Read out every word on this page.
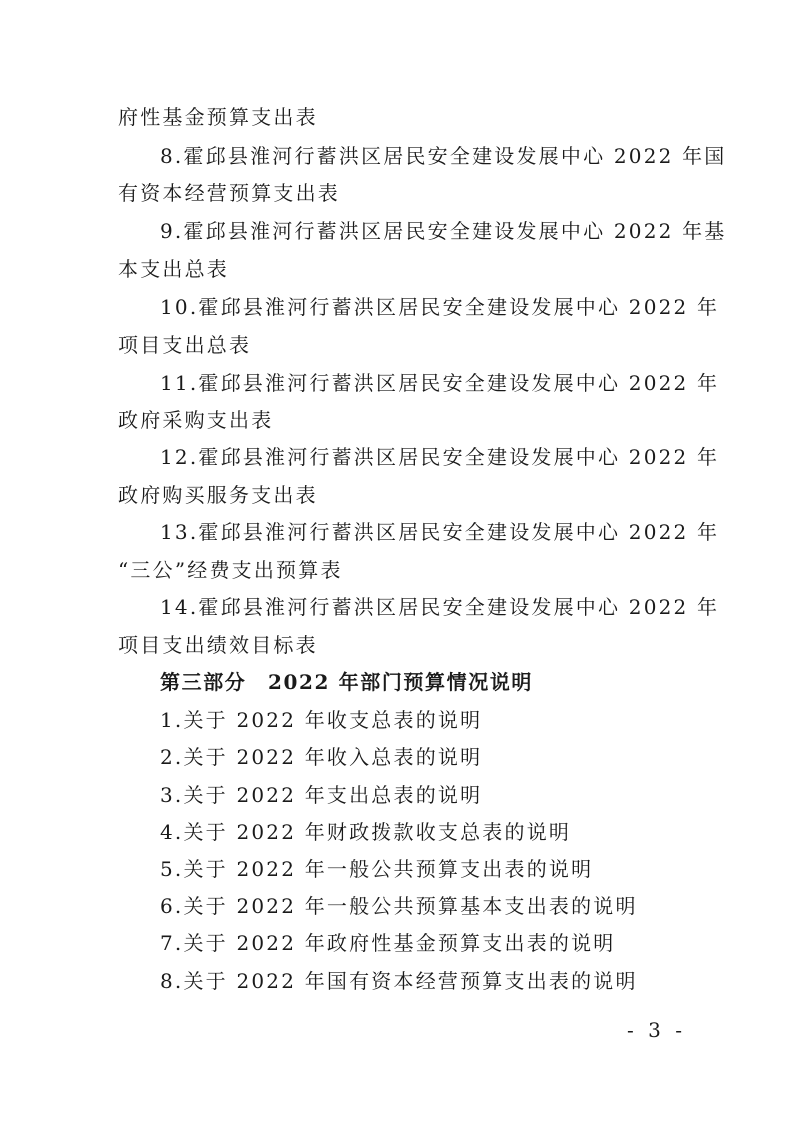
府性基金预算支出表
8.霍邱县淮河行蓄洪区居民安全建设发展中心 2022 年国
有资本经营预算支出表
9.霍邱县淮河行蓄洪区居民安全建设发展中心 2022 年基
本支出总表
10.霍邱县淮河行蓄洪区居民安全建设发展中心 2022 年
项目支出总表
11.霍邱县淮河行蓄洪区居民安全建设发展中心 2022 年
政府采购支出表
12.霍邱县淮河行蓄洪区居民安全建设发展中心 2022 年
政府购买服务支出表
13.霍邱县淮河行蓄洪区居民安全建设发展中心 2022 年
“三公”经费支出预算表
14.霍邱县淮河行蓄洪区居民安全建设发展中心 2022 年
项目支出绩效目标表
第三部分　2022 年部门预算情况说明
1.关于 2022 年收支总表的说明
2.关于 2022 年收入总表的说明
3.关于 2022 年支出总表的说明
4.关于 2022 年财政拨款收支总表的说明
5.关于 2022 年一般公共预算支出表的说明
6.关于 2022 年一般公共预算基本支出表的说明
7.关于 2022 年政府性基金预算支出表的说明
8.关于 2022 年国有资本经营预算支出表的说明
- 3 -
